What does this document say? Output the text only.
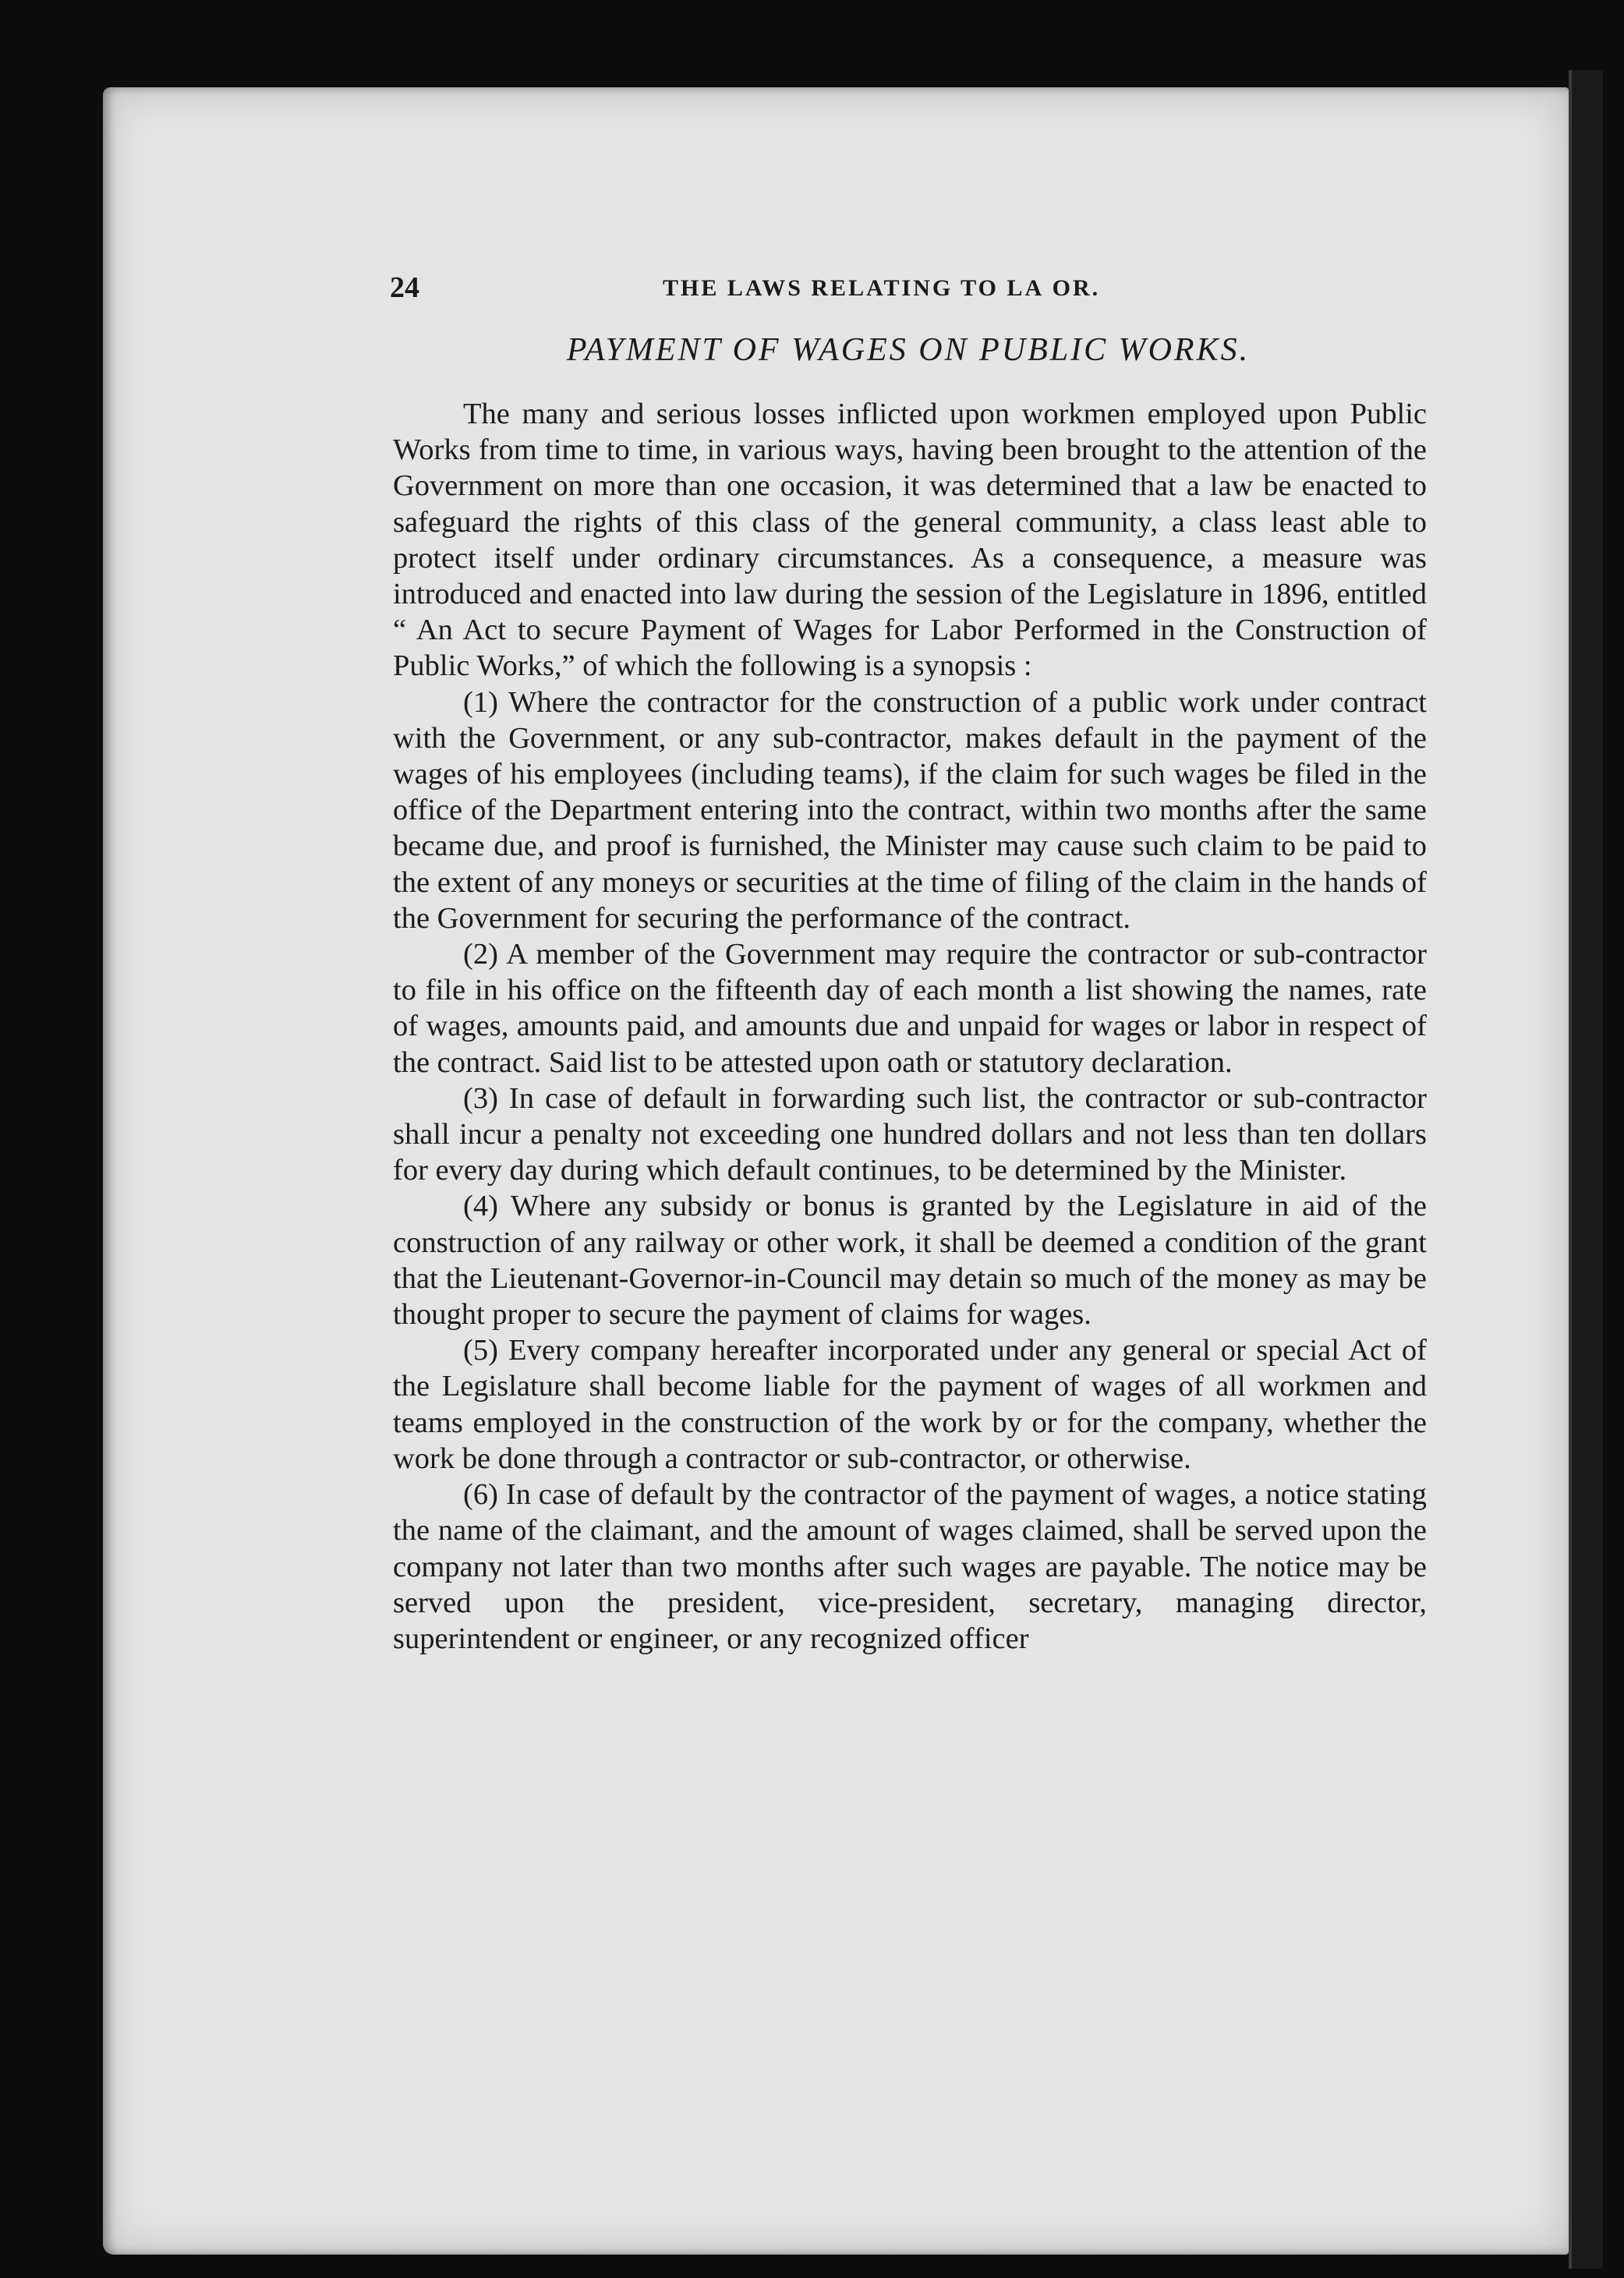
24	THE LAWS RELATING TO LA OR.
PAYMENT OF WAGES ON PUBLIC WORKS.

The many and serious losses inflicted upon workmen employed upon Public Works from time to time, in various ways, having been brought to the attention of the Government on more than one occasion, it was determined that a law be enacted to safeguard the rights of this class of the general community, a class least able to protect itself under ordinary circumstances. As a consequence, a measure was introduced and enacted into law during the session of the Legislature in 1896, entitled “ An Act to secure Payment of Wages for Labor Performed in the Construction of Public Works,” of which the following is a synopsis :

(1) Where the contractor for the construction of a public work under contract with the Government, or any sub-contractor, makes default in the payment of the wages of his employees (including teams), if the claim for such wages be filed in the office of the Department entering into the contract, within two months after the same became due, and proof is furnished, the Minister may cause such claim to be paid to the extent of any moneys or securities at the time of filing of the claim in the hands of the Government for securing the performance of the contract.

(2) A member of the Government may require the contractor or sub-contractor to file in his office on the fifteenth day of each month a list showing the names, rate of wages, amounts paid, and amounts due and unpaid for wages or labor in respect of the contract. Said list to be attested upon oath or statutory declaration.

(3) In case of default in forwarding such list, the contractor or sub-contractor shall incur a penalty not exceeding one hundred dollars and not less than ten dollars for every day during which default continues, to be determined by the Minister.

(4) Where any subsidy or bonus is granted by the Legislature in aid of the construction of any railway or other work, it shall be deemed a condition of the grant that the Lieutenant-Governor-in-Council may detain so much of the money as may be thought proper to secure the payment of claims for wages.

(5) Every company hereafter incorporated under any general or special Act of the Legislature shall become liable for the payment of wages of all workmen and teams employed in the construction of the work by or for the company, whether the work be done through a contractor or sub-contractor, or otherwise.

(6) In case of default by the contractor of the payment of wages, a notice stating the name of the claimant, and the amount of wages claimed, shall be served upon the company not later than two months after such wages are payable. The notice may be served upon the president, vice-president, secretary, managing director, superintendent or engineer, or any recognized officer
